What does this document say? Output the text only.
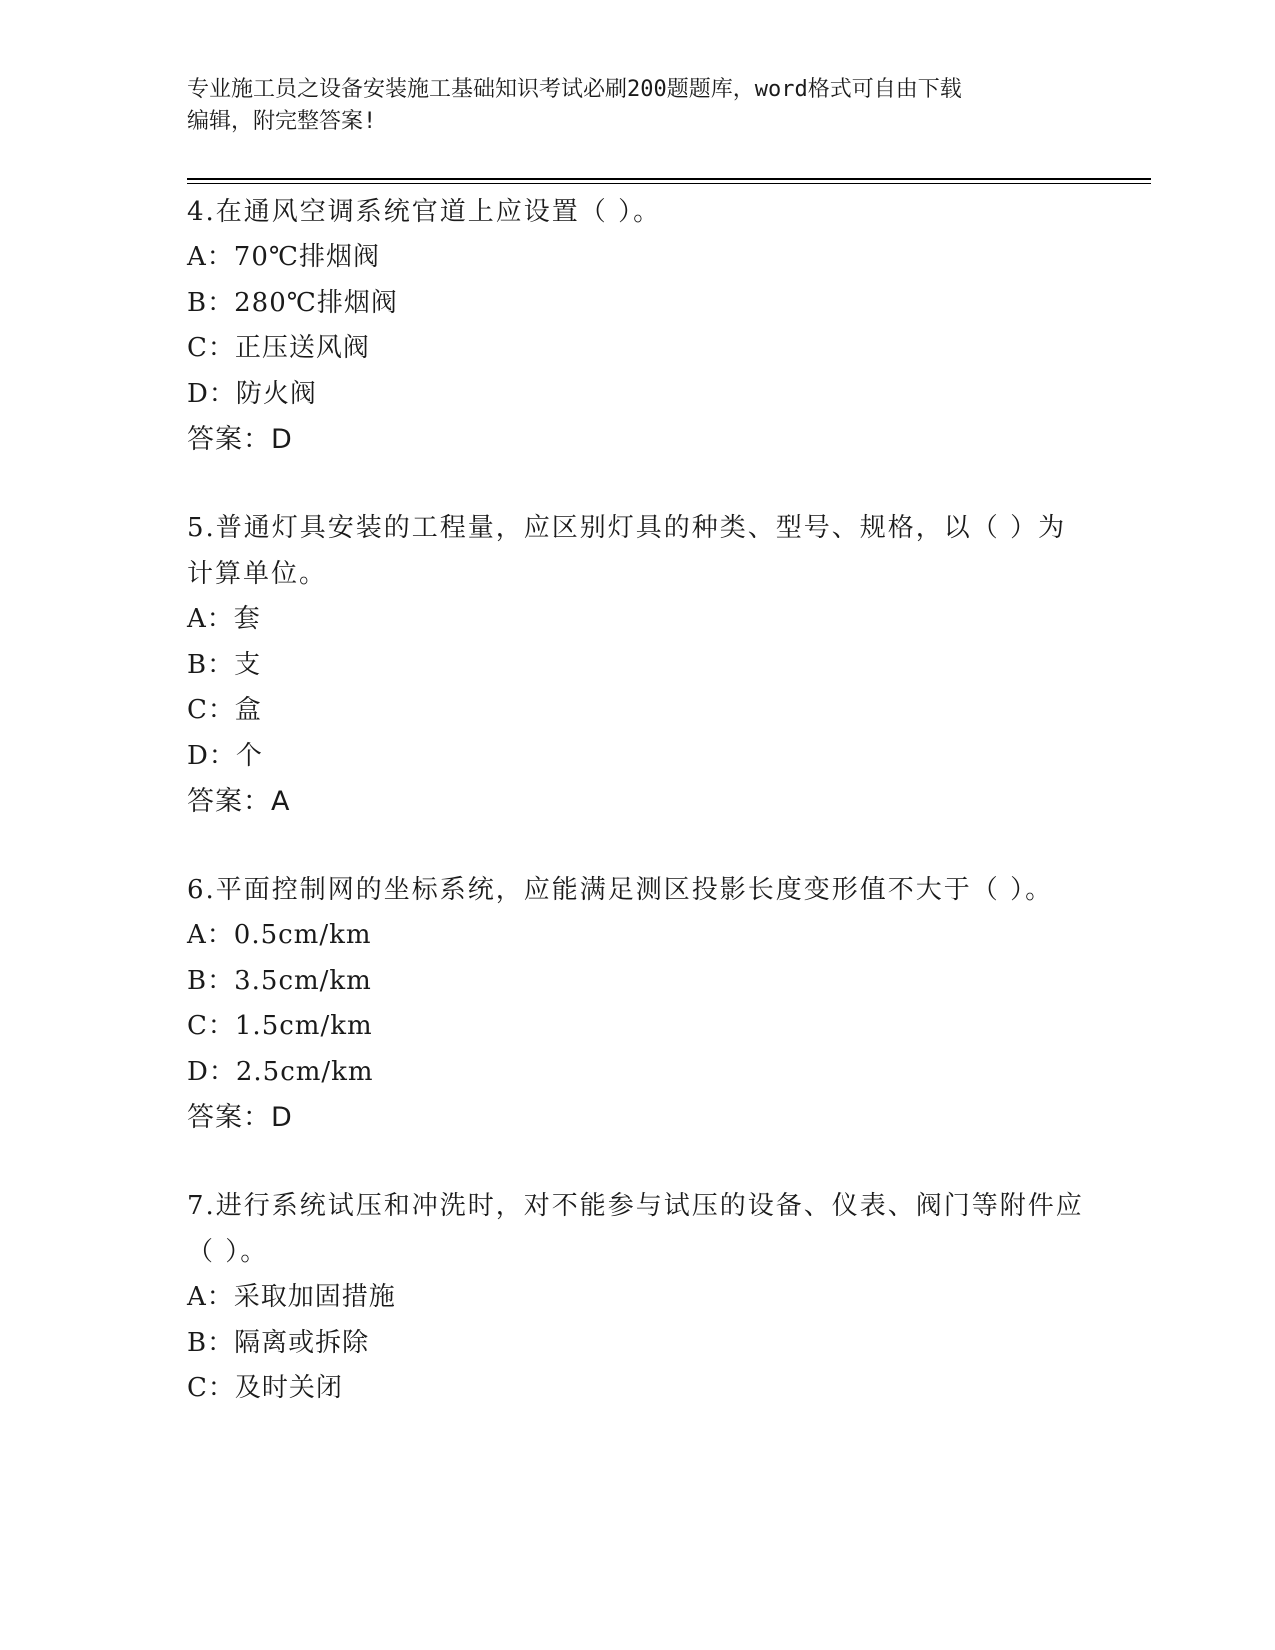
专业施工员之设备安装施工基础知识考试必刷200题题库，word格式可自由下载
编辑，附完整答案!
4.在通风空调系统官道上应设置（ ）。
A：70℃排烟阀
B：280℃排烟阀
C：正压送风阀
D：防火阀
答案：D
5.普通灯具安装的工程量，应区别灯具的种类、型号、规格，以（ ）为计算单位。
A：套
B：支
C：盒
D：个
答案：A
6.平面控制网的坐标系统，应能满足测区投影长度变形值不大于（ ）。
A：0.5cm/km
B：3.5cm/km
C：1.5cm/km
D：2.5cm/km
答案：D
7.进行系统试压和冲洗时，对不能参与试压的设备、仪表、阀门等附件应（ ）。
A：采取加固措施
B：隔离或拆除
C：及时关闭
